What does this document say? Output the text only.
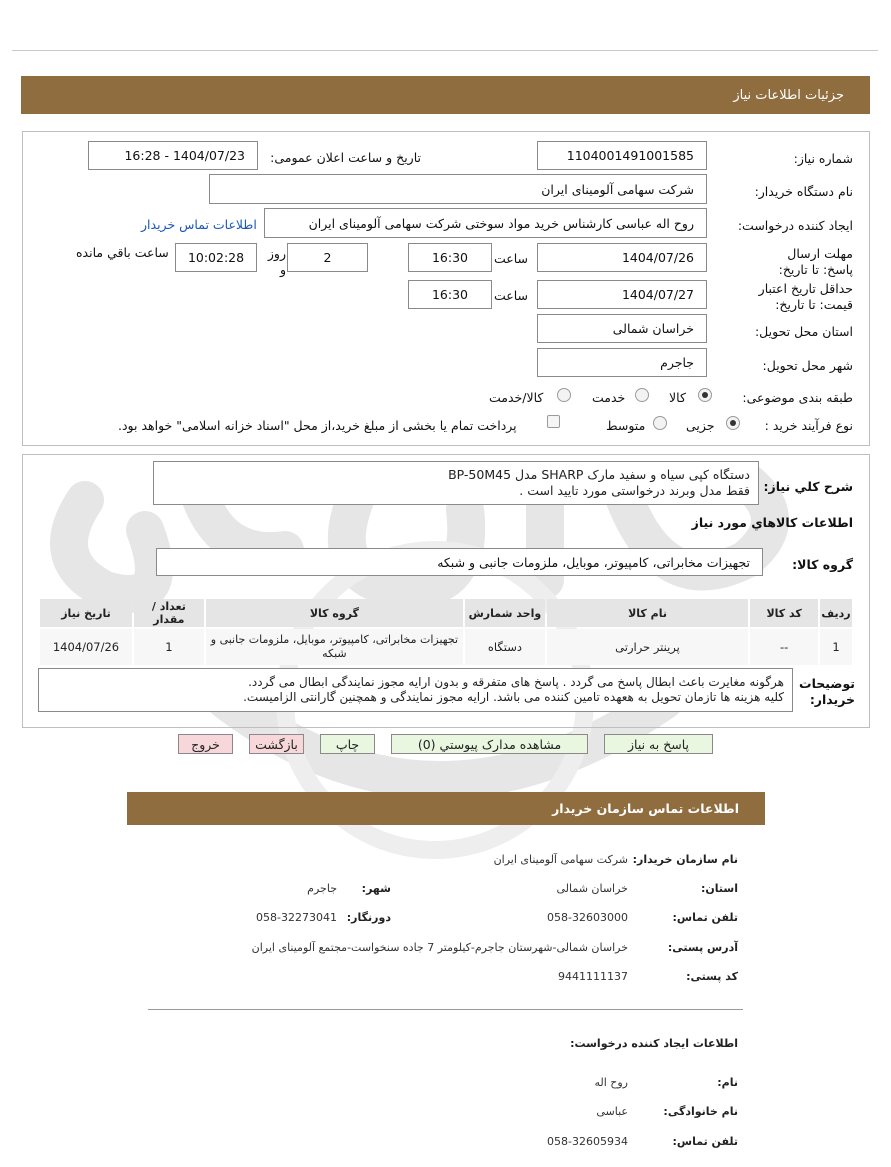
جزئیات اطلاعات نیاز
شماره نیاز:
1104001491001585
تاریخ و ساعت اعلان عمومی:
1404/07/23 - 16:28
نام دستگاه خریدار:
شرکت سهامی آلومینای ایران
ایجاد کننده درخواست:
روح اله عباسی کارشناس خرید مواد سوختی شرکت سهامی آلومینای ایران
اطلاعات تماس خریدار
مهلت ارسال پاسخ: تا تاریخ:
1404/07/26
ساعت
16:30
2
روز و
10:02:28
ساعت باقي مانده
حداقل تاریخ اعتبار قیمت: تا تاریخ:
1404/07/27
ساعت
16:30
استان محل تحویل:
خراسان شمالی
شهر محل تحویل:
جاجرم
طبقه بندی موضوعی:
کالا
خدمت
کالا/خدمت
نوع فرآیند خرید :
جزیی
متوسط
پرداخت تمام یا بخشی از مبلغ خرید،از محل "اسناد خزانه اسلامی" خواهد بود.
شرح کلي نياز:
دستگاه کپی سیاه و سفید مارک SHARP مدل BP-50M45
فقط مدل وبرند درخواستی مورد تایید است .
اطلاعات کالاهاي مورد نياز
گروه کالا:
تجهیزات مخابراتی، کامپیوتر، موبایل، ملزومات جانبی و شبکه
رديف	کد کالا	نام کالا	واحد شمارش	گروه کالا	تعداد / مقدار	تاريخ نياز
1	--	پرینتر حرارتی	دستگاه	تجهیزات مخابراتی، کامپیوتر، موبایل، ملزومات جانبی و شبکه	1	1404/07/26
توضیحات خریدار:
هرگونه مغایرت باعث ابطال پاسخ می گردد . پاسخ های متفرقه و بدون ارایه مجوز نمایندگی ابطال می گردد.
کلیه هزینه ها تازمان تحویل به هعهده تامین کننده می باشد. ارایه مجوز نمایندگی و همچنین گارانتی الزامیست.
پاسخ به نياز
مشاهده مدارک پیوستي (0)
چاپ
بازگشت
خروج
اطلاعات تماس سازمان خریدار
نام سازمان خریدار:
شرکت سهامی آلومینای ایران
استان:
خراسان شمالی
شهر:
جاجرم
تلفن تماس:
058-32603000
دورنگار:
058-32273041
آدرس پستی:
خراسان شمالی-شهرستان جاجرم-کیلومتر 7 جاده سنخواست-مجتمع آلومینای ایران
کد پستی:
9441111137
اطلاعات ایجاد کننده درخواست:
نام:
روح اله
نام خانوادگی:
عباسی
تلفن تماس:
058-32605934
